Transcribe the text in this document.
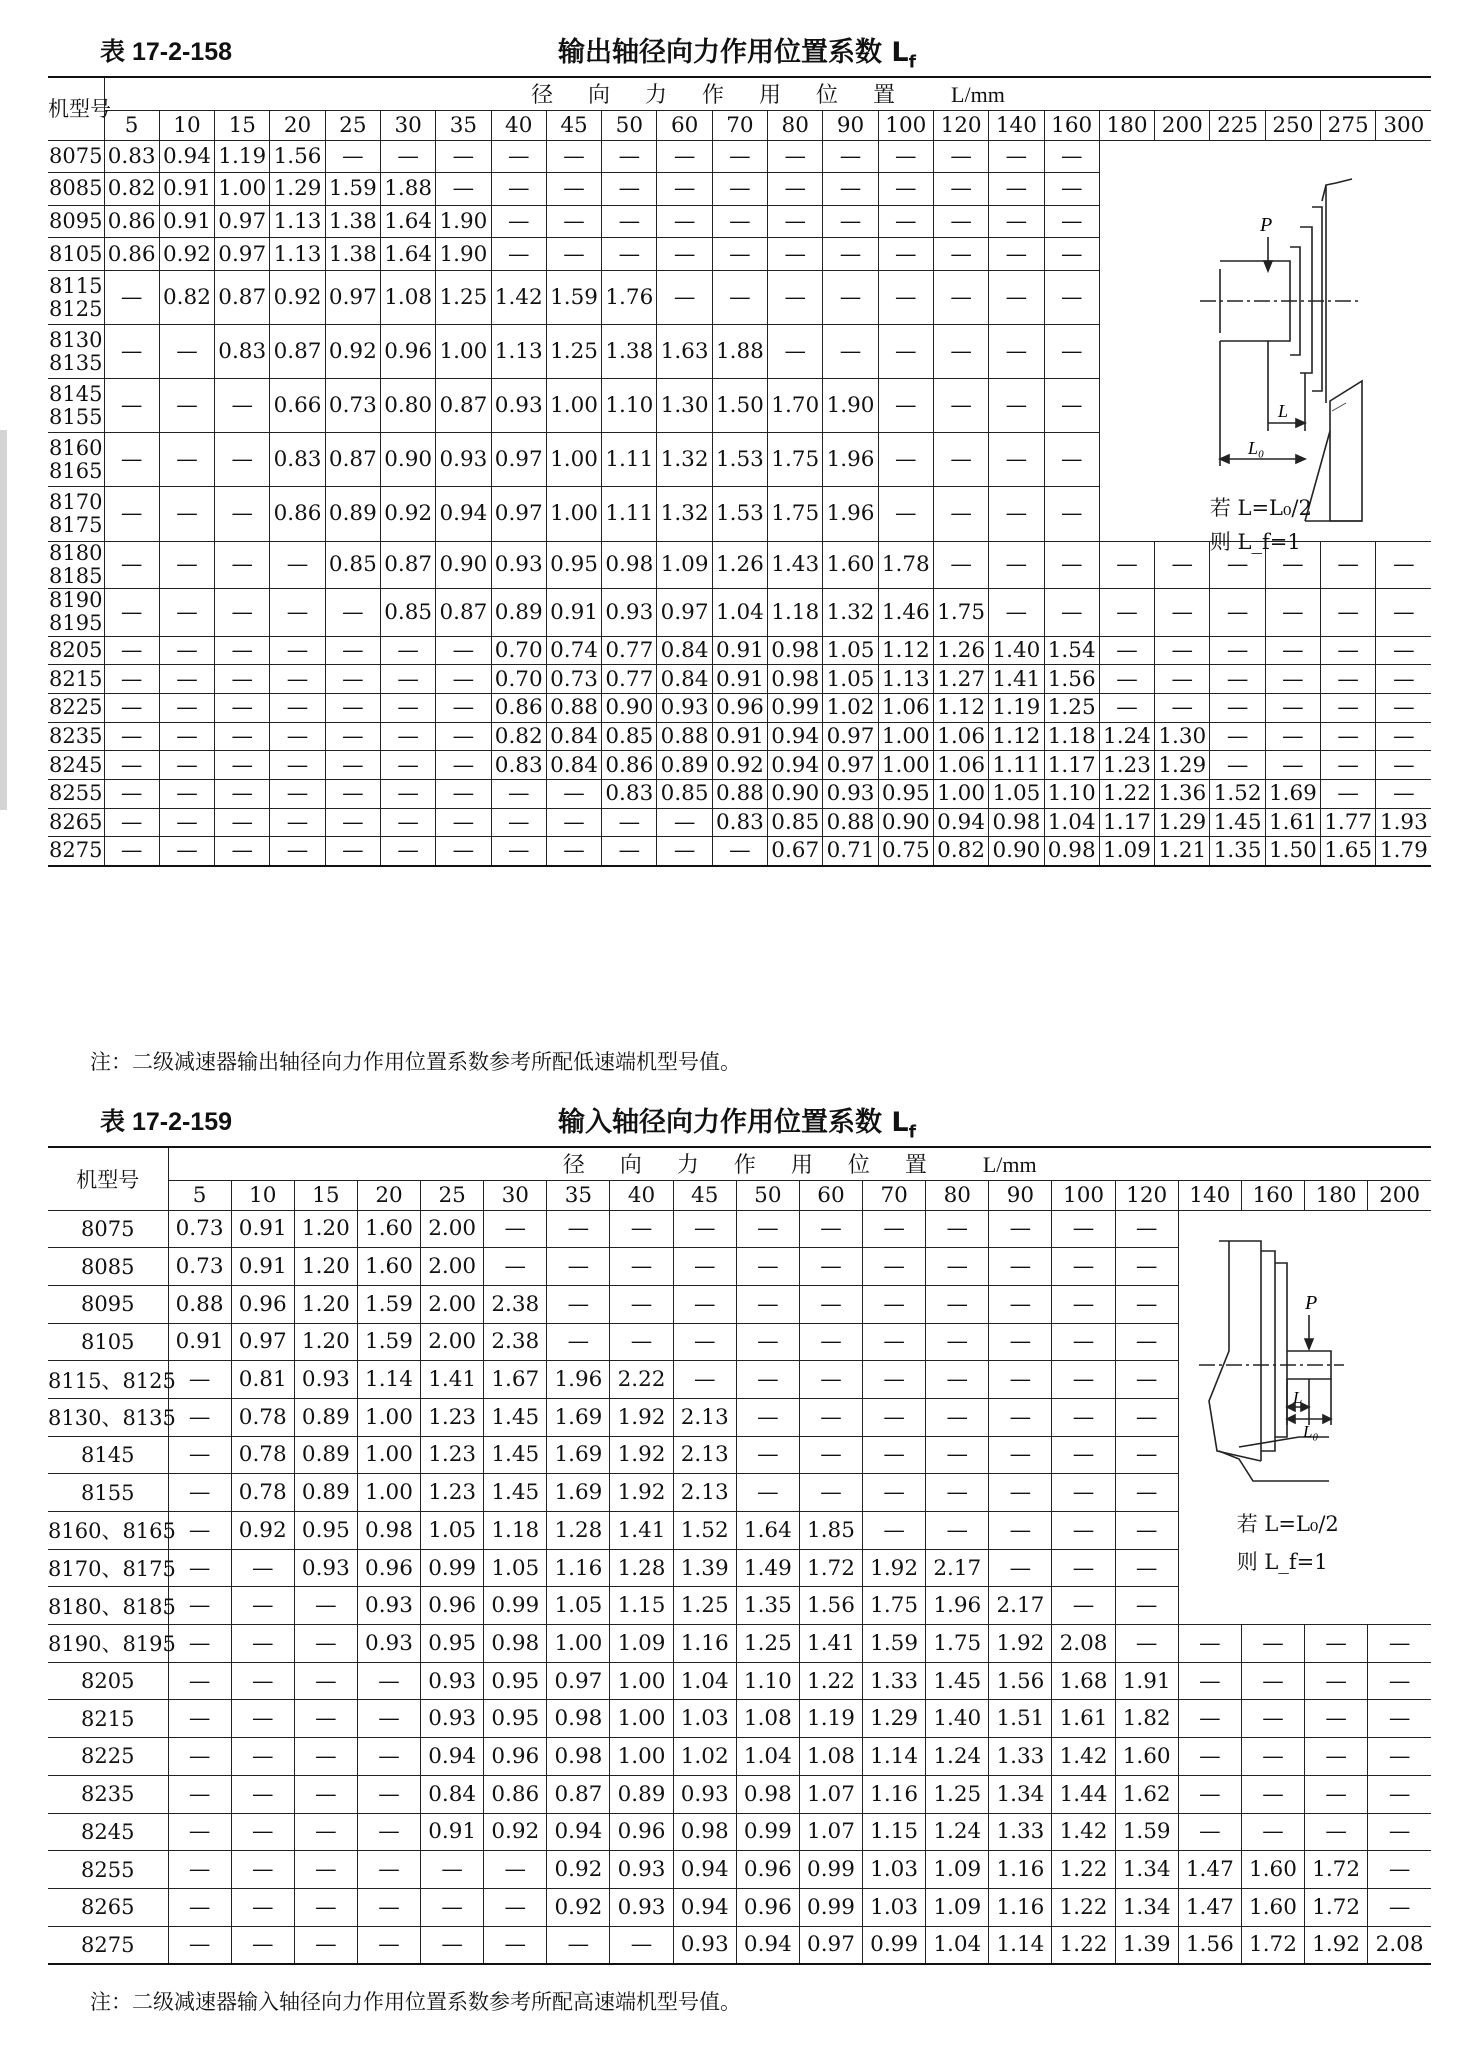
表 17-2-158	输出轴径向力作用位置系数 $L_f$
机型号	径 向 力 作 用 位 置 L/mm																							
	5	10	15	20	25	30	35	40	45	50	60	70	80	90	100	120	140	160	180	200	225	250	275	300

8075	0.83	0.94	1.19	1.56	—	—	—	—	—	—	—	—	—	—	—	—	—	—	P
L
L₀
若 L=L₀/2
则 L_f=1					

8085	0.82	0.91	1.00	1.29	1.59	1.88	—	—	—	—	—	—	—	—	—	—	—	—						

8095	0.86	0.91	0.97	1.13	1.38	1.64	1.90	—	—	—	—	—	—	—	—	—	—	—						

8105	0.86	0.92	0.97	1.13	1.38	1.64	1.90	—	—	—	—	—	—	—	—	—	—	—						

8115
8125	—	0.82	0.87	0.92	0.97	1.08	1.25	1.42	1.59	1.76	—	—	—	—	—	—	—	—						

8130
8135	—	—	0.83	0.87	0.92	0.96	1.00	1.13	1.25	1.38	1.63	1.88	—	—	—	—	—	—						

8145
8155	—	—	—	0.66	0.73	0.80	0.87	0.93	1.00	1.10	1.30	1.50	1.70	1.90	—	—	—	—						

8160
8165	—	—	—	0.83	0.87	0.90	0.93	0.97	1.00	1.11	1.32	1.53	1.75	1.96	—	—	—	—						

8170
8175	—	—	—	0.86	0.89	0.92	0.94	0.97	1.00	1.11	1.32	1.53	1.75	1.96	—	—	—	—						

8180
8185	—	—	—	—	0.85	0.87	0.90	0.93	0.95	0.98	1.09	1.26	1.43	1.60	1.78	—	—	—	—	—	—	—	—	—

8190
8195	—	—	—	—	—	0.85	0.87	0.89	0.91	0.93	0.97	1.04	1.18	1.32	1.46	1.75	—	—	—	—	—	—	—	—

8205	—	—	—	—	—	—	—	0.70	0.74	0.77	0.84	0.91	0.98	1.05	1.12	1.26	1.40	1.54	—	—	—	—	—	—

8215	—	—	—	—	—	—	—	0.70	0.73	0.77	0.84	0.91	0.98	1.05	1.13	1.27	1.41	1.56	—	—	—	—	—	—

8225	—	—	—	—	—	—	—	0.86	0.88	0.90	0.93	0.96	0.99	1.02	1.06	1.12	1.19	1.25	—	—	—	—	—	—

8235	—	—	—	—	—	—	—	0.82	0.84	0.85	0.88	0.91	0.94	0.97	1.00	1.06	1.12	1.18	1.24	1.30	—	—	—	—

8245	—	—	—	—	—	—	—	0.83	0.84	0.86	0.89	0.92	0.94	0.97	1.00	1.06	1.11	1.17	1.23	1.29	—	—	—	—

8255	—	—	—	—	—	—	—	—	—	0.83	0.85	0.88	0.90	0.93	0.95	1.00	1.05	1.10	1.22	1.36	1.52	1.69	—	—

8265	—	—	—	—	—	—	—	—	—	—	—	0.83	0.85	0.88	0.90	0.94	0.98	1.04	1.17	1.29	1.45	1.61	1.77	1.93

8275	—	—	—	—	—	—	—	—	—	—	—	—	0.67	0.71	0.75	0.82	0.90	0.98	1.09	1.21	1.35	1.50	1.65	1.79
注：二级减速器输出轴径向力作用位置系数参考所配低速端机型号值。
表 17-2-159	输入轴径向力作用位置系数 $L_f$
机型号	径 向 力 作 用 位 置 L/mm																			
	5	10	15	20	25	30	35	40	45	50	60	70	80	90	100	120	140	160	180	200
8075	0.73	0.91	1.20	1.60	2.00	—	—	—	—	—	—	—	—	—	—	—	P
L
L₀
若 L=L₀/2
则 L_f=1			

8085	0.73	0.91	1.20	1.60	2.00	—	—	—	—	—	—	—	—	—	—	—				
8095	0.88	0.96	1.20	1.59	2.00	2.38	—	—	—	—	—	—	—	—	—	—				
8105	0.91	0.97	1.20	1.59	2.00	2.38	—	—	—	—	—	—	—	—	—	—				
8115、8125	—	0.81	0.93	1.14	1.41	1.67	1.96	2.22	—	—	—	—	—	—	—	—				
8130、8135	—	0.78	0.89	1.00	1.23	1.45	1.69	1.92	2.13	—	—	—	—	—	—	—				
8145	—	0.78	0.89	1.00	1.23	1.45	1.69	1.92	2.13	—	—	—	—	—	—	—				
8155	—	0.78	0.89	1.00	1.23	1.45	1.69	1.92	2.13	—	—	—	—	—	—	—				
8160、8165	—	0.92	0.95	0.98	1.05	1.18	1.28	1.41	1.52	1.64	1.85	—	—	—	—	—				
8170、8175	—	—	0.93	0.96	0.99	1.05	1.16	1.28	1.39	1.49	1.72	1.92	2.17	—	—	—				
8180、8185	—	—	—	0.93	0.96	0.99	1.05	1.15	1.25	1.35	1.56	1.75	1.96	2.17	—	—				
8190、8195	—	—	—	0.93	0.95	0.98	1.00	1.09	1.16	1.25	1.41	1.59	1.75	1.92	2.08	—	—	—	—	—
8205	—	—	—	—	0.93	0.95	0.97	1.00	1.04	1.10	1.22	1.33	1.45	1.56	1.68	1.91	—	—	—	—
8215	—	—	—	—	0.93	0.95	0.98	1.00	1.03	1.08	1.19	1.29	1.40	1.51	1.61	1.82	—	—	—	—
8225	—	—	—	—	0.94	0.96	0.98	1.00	1.02	1.04	1.08	1.14	1.24	1.33	1.42	1.60	—	—	—	—
8235	—	—	—	—	0.84	0.86	0.87	0.89	0.93	0.98	1.07	1.16	1.25	1.34	1.44	1.62	—	—	—	—
8245	—	—	—	—	0.91	0.92	0.94	0.96	0.98	0.99	1.07	1.15	1.24	1.33	1.42	1.59	—	—	—	—
8255	—	—	—	—	—	—	0.92	0.93	0.94	0.96	0.99	1.03	1.09	1.16	1.22	1.34	1.47	1.60	1.72	—
8265	—	—	—	—	—	—	0.92	0.93	0.94	0.96	0.99	1.03	1.09	1.16	1.22	1.34	1.47	1.60	1.72	—
8275	—	—	—	—	—	—	—	—	0.93	0.94	0.97	0.99	1.04	1.14	1.22	1.39	1.56	1.72	1.92	2.08
注：二级减速器输入轴径向力作用位置系数参考所配高速端机型号值。
